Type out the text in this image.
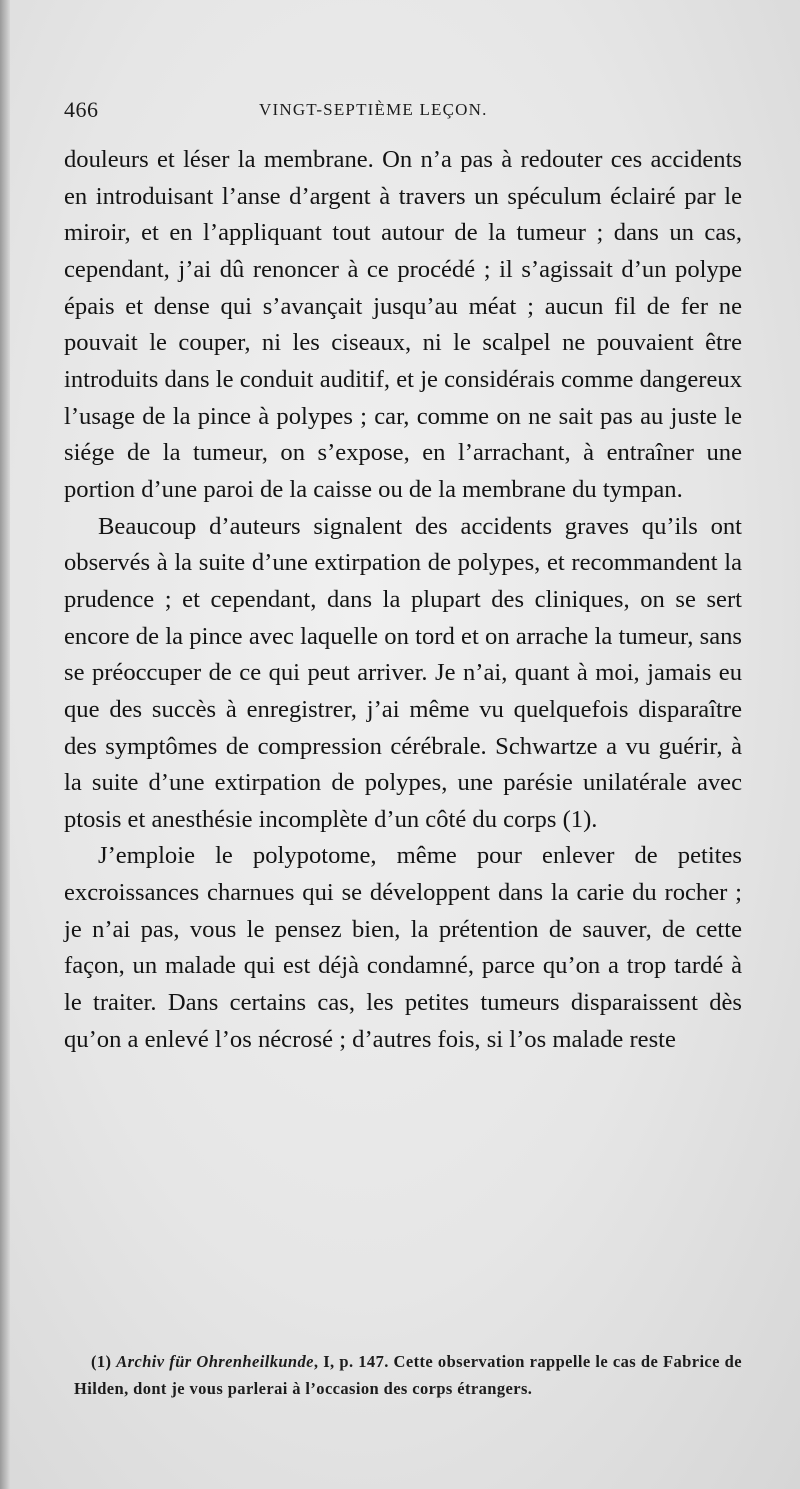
466	VINGT-SEPTIÈME LEÇON.

douleurs et léser la membrane. On n’a pas à redouter ces accidents en introduisant l’anse d’argent à travers un spéculum éclairé par le miroir, et en l’appliquant tout autour de la tumeur ; dans un cas, cependant, j’ai dû renoncer à ce procédé ; il s’agissait d’un polype épais et dense qui s’avançait jusqu’au méat ; aucun fil de fer ne pouvait le couper, ni les ciseaux, ni le scalpel ne pouvaient être introduits dans le conduit auditif, et je considérais comme dangereux l’usage de la pince à polypes ; car, comme on ne sait pas au juste le siége de la tumeur, on s’expose, en l’arrachant, à entraîner une portion d’une paroi de la caisse ou de la membrane du tympan.

Beaucoup d’auteurs signalent des accidents graves qu’ils ont observés à la suite d’une extirpation de polypes, et recommandent la prudence ; et cependant, dans la plupart des cliniques, on se sert encore de la pince avec laquelle on tord et on arrache la tumeur, sans se préoccuper de ce qui peut arriver. Je n’ai, quant à moi, jamais eu que des succès à enregistrer, j’ai même vu quelquefois disparaître des symptômes de compression cérébrale. Schwartze a vu guérir, à la suite d’une extirpation de polypes, une parésie unilatérale avec ptosis et anesthésie incomplète d’un côté du corps (1).

J’emploie le polypotome, même pour enlever de petites excroissances charnues qui se développent dans la carie du rocher ; je n’ai pas, vous le pensez bien, la prétention de sauver, de cette façon, un malade qui est déjà condamné, parce qu’on a trop tardé à le traiter. Dans certains cas, les petites tumeurs disparaissent dès qu’on a enlevé l’os nécrosé ; d’autres fois, si l’os malade reste

(1) Archiv für Ohrenheilkunde, I, p. 147. Cette observation rappelle le cas de Fabrice de Hilden, dont je vous parlerai à l’occasion des corps étrangers.
